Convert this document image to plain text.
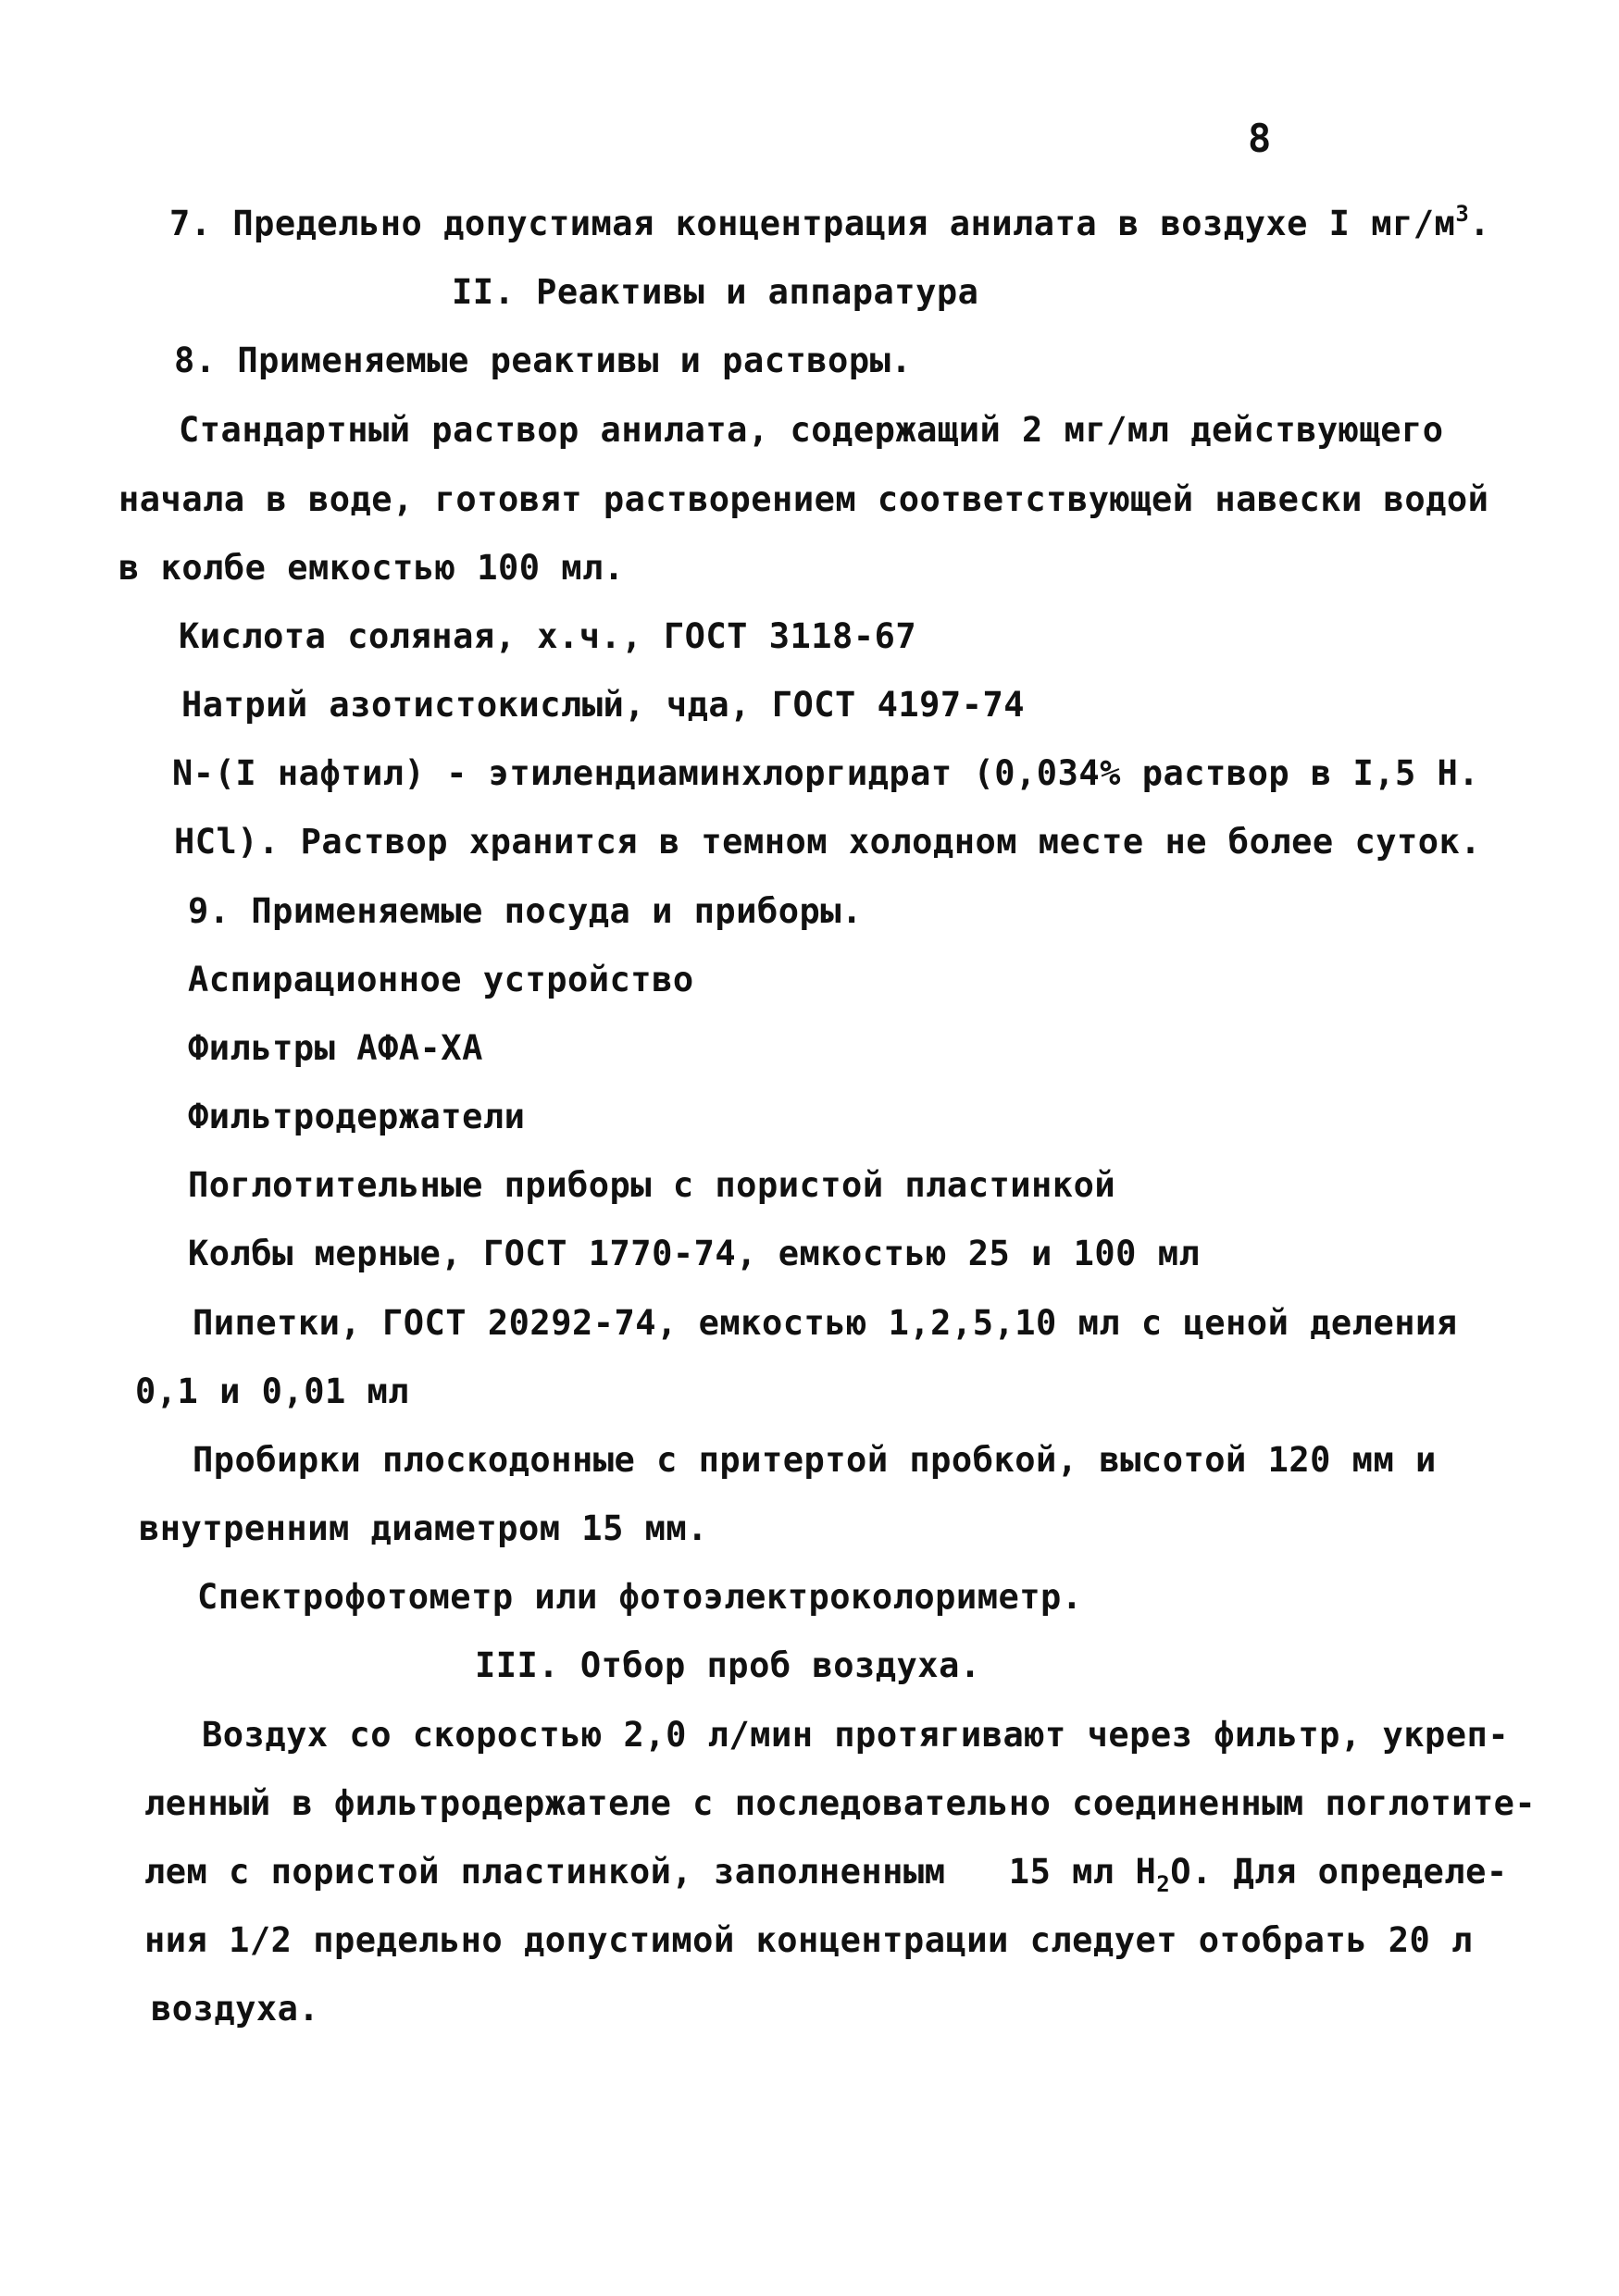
8
7. Предельно допустимая концентрация анилата в воздухе I $мг/м^3$.
II. Реактивы и аппаратура
8. Применяемые реактивы и растворы.
Стандартный раствор анилата, содержащий 2 мг/мл действующего
начала в воде, готовят растворением соответствующей навески водой
в колбе емкостью 100 мл.
Кислота соляная, х.ч., ГОСТ 3118-67
Натрий азотистокислый, чда, ГОСТ 4197-74
N-(I нафтил) - этилендиаминхлоргидрат (0,034% раствор в I,5 Н.
HCl). Раствор хранится в темном холодном месте не более суток.
9. Применяемые посуда и приборы.
Аспирационное устройство
Фильтры АФА-ХА
Фильтродержатели
Поглотительные приборы с пористой пластинкой
Колбы мерные, ГОСТ 1770-74, емкостью 25 и 100 мл
Пипетки, ГОСТ 20292-74, емкостью 1,2,5,10 мл с ценой деления
0,1 и 0,01 мл
Пробирки плоскодонные с притертой пробкой, высотой 120 мм и
внутренним диаметром 15 мм.
Спектрофотометр или фотоэлектроколориметр.
III. Отбор проб воздуха.
Воздух со скоростью 2,0 л/мин протягивают через фильтр, укреп-
ленный в фильтродержателе с последовательно соединенным поглотите-
лем с пористой пластинкой, заполненным   15 мл $H_2O$. Для определе-
ния 1/2 предельно допустимой концентрации следует отобрать 20 л
воздуха.
